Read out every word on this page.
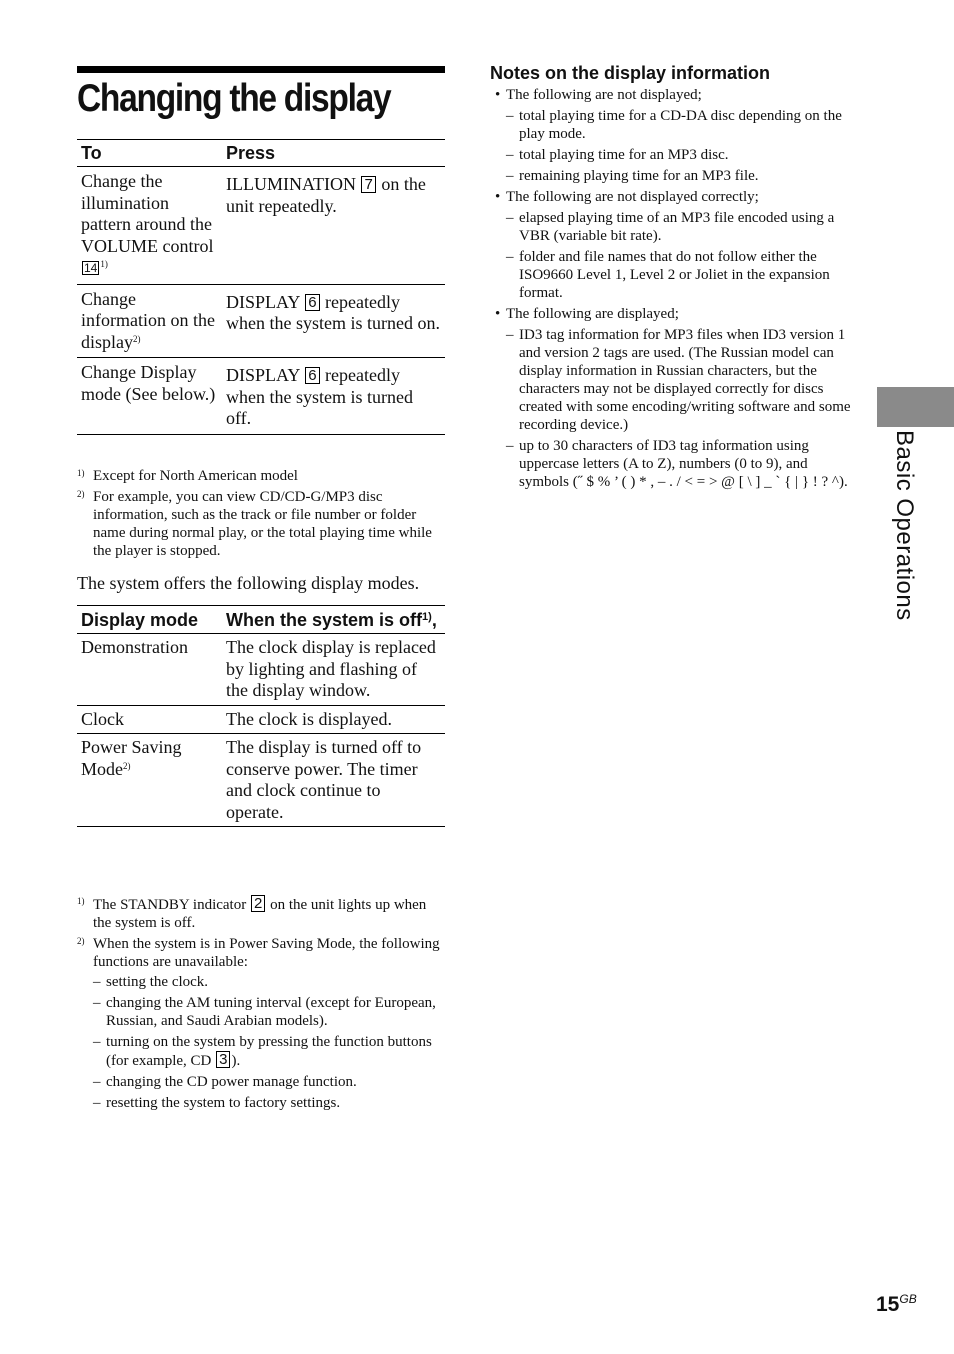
Changing the display
To	Press
Change the illumination pattern around the VOLUME control 14 $^{1)}$	ILLUMINATION 7 on the unit repeatedly.
Change information on the display$^{2)}$	DISPLAY 6 repeatedly when the system is turned on.
Change Display mode (See below.)	DISPLAY 6 repeatedly when the system is turned off.
1) Except for North American model
2) For example, you can view CD/CD-G/MP3 disc information, such as the track or file number or folder name during normal play, or the total playing time while the player is stopped.

The system offers the following display modes.

Display mode	When the system is off$^{1)}$,
Demonstration	The clock display is replaced by lighting and flashing of the display window.
Clock	The clock is displayed.
Power Saving Mode$^{2)}$	The display is turned off to conserve power. The timer and clock continue to operate.
1) The STANDBY indicator 2 on the unit lights up when the system is off.
2) When the system is in Power Saving Mode, the following functions are unavailable:
– setting the clock.
– changing the AM tuning interval (except for European, Russian, and Saudi Arabian models).
– turning on the system by pressing the function buttons (for example, CD 3 ).
– changing the CD power manage function.
– resetting the system to factory settings.
Notes on the display information
• The following are not displayed;
– total playing time for a CD-DA disc depending on the play mode.
– total playing time for an MP3 disc.
– remaining playing time for an MP3 file.
• The following are not displayed correctly;
– elapsed playing time of an MP3 file encoded using a VBR (variable bit rate).
– folder and file names that do not follow either the ISO9660 Level 1, Level 2 or Joliet in the expansion format.
• The following are displayed;
– ID3 tag information for MP3 files when ID3 version 1 and version 2 tags are used. (The Russian model can display information in Russian characters, but the characters may not be displayed correctly for discs created with some encoding/writing software and some recording device.)
– up to 30 characters of ID3 tag information using uppercase letters (A to Z), numbers (0 to 9), and symbols (˝ $ % ’ ( ) * , – . / < = > @ [ \ ] _ ` { | } ! ? ^).	Basic Operations

$15^{GB}$
